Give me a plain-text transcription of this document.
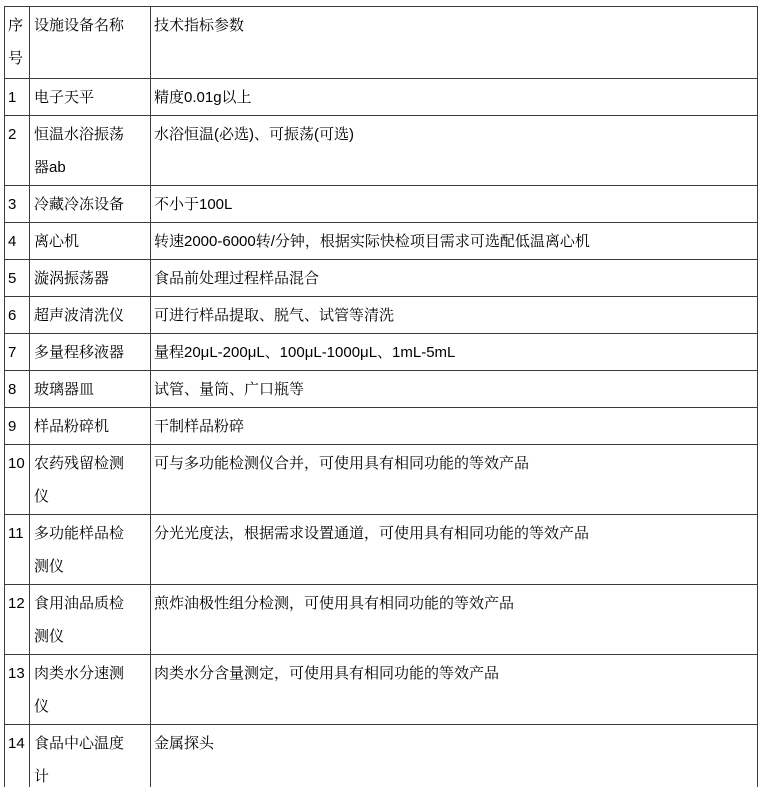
序号	设施设备名称	技术指标参数
1	电子天平	精度0.01g以上
2	恒温水浴振荡器ab	水浴恒温(必选)、可振荡(可选)
3	冷藏冷冻设备	不小于100L
4	离心机	转速2000-6000转/分钟，根据实际快检项目需求可选配低温离心机
5	漩涡振荡器	食品前处理过程样品混合
6	超声波清洗仪	可进行样品提取、脱气、试管等清洗
7	多量程移液器	量程20μL-200μL、100μL-1000μL、1mL-5mL
8	玻璃器皿	试管、量筒、广口瓶等
9	样品粉碎机	干制样品粉碎
10	农药残留检测仪	可与多功能检测仪合并，可使用具有相同功能的等效产品
11	多功能样品检测仪	分光光度法，根据需求设置通道，可使用具有相同功能的等效产品
12	食用油品质检测仪	煎炸油极性组分检测，可使用具有相同功能的等效产品
13	肉类水分速测仪	肉类水分含量测定，可使用具有相同功能的等效产品
14	食品中心温度计	金属探头
